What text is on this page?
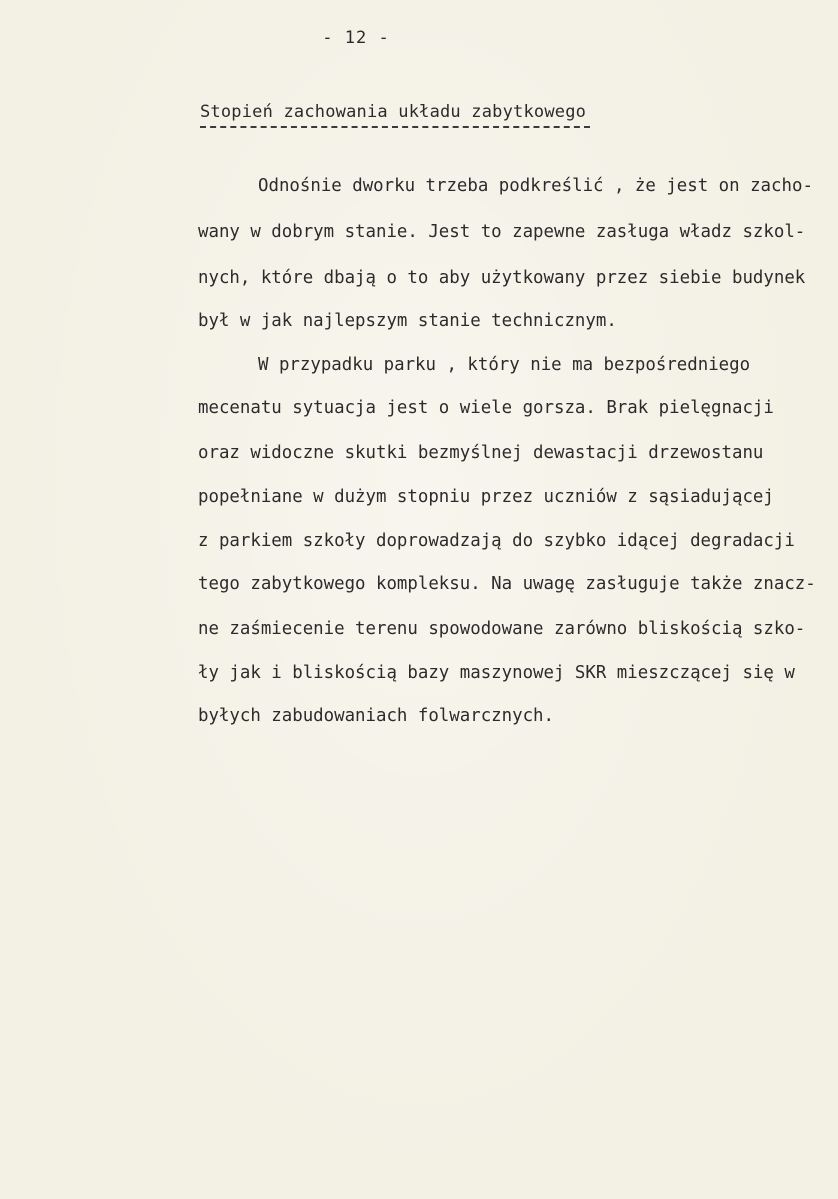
- 12 -
Stopień zachowania układu zabytkowego
Odnośnie dworku trzeba podkreślić , że jest on zacho-
wany w dobrym stanie. Jest to zapewne zasługa władz szkol-
nych, które dbają o to aby użytkowany przez siebie budynek
był w jak najlepszym stanie technicznym.
W przypadku parku , który nie ma bezpośredniego
mecenatu sytuacja jest o wiele gorsza. Brak pielęgnacji
oraz widoczne skutki bezmyślnej dewastacji drzewostanu
popełniane w dużym stopniu przez uczniów z sąsiadującej
z parkiem szkoły doprowadzają do szybko idącej degradacji
tego zabytkowego kompleksu. Na uwagę zasługuje także znacz-
ne zaśmiecenie terenu spowodowane zarówno bliskością szko-
ły jak i bliskością bazy maszynowej SKR mieszczącej się w
byłych zabudowaniach folwarcznych.
